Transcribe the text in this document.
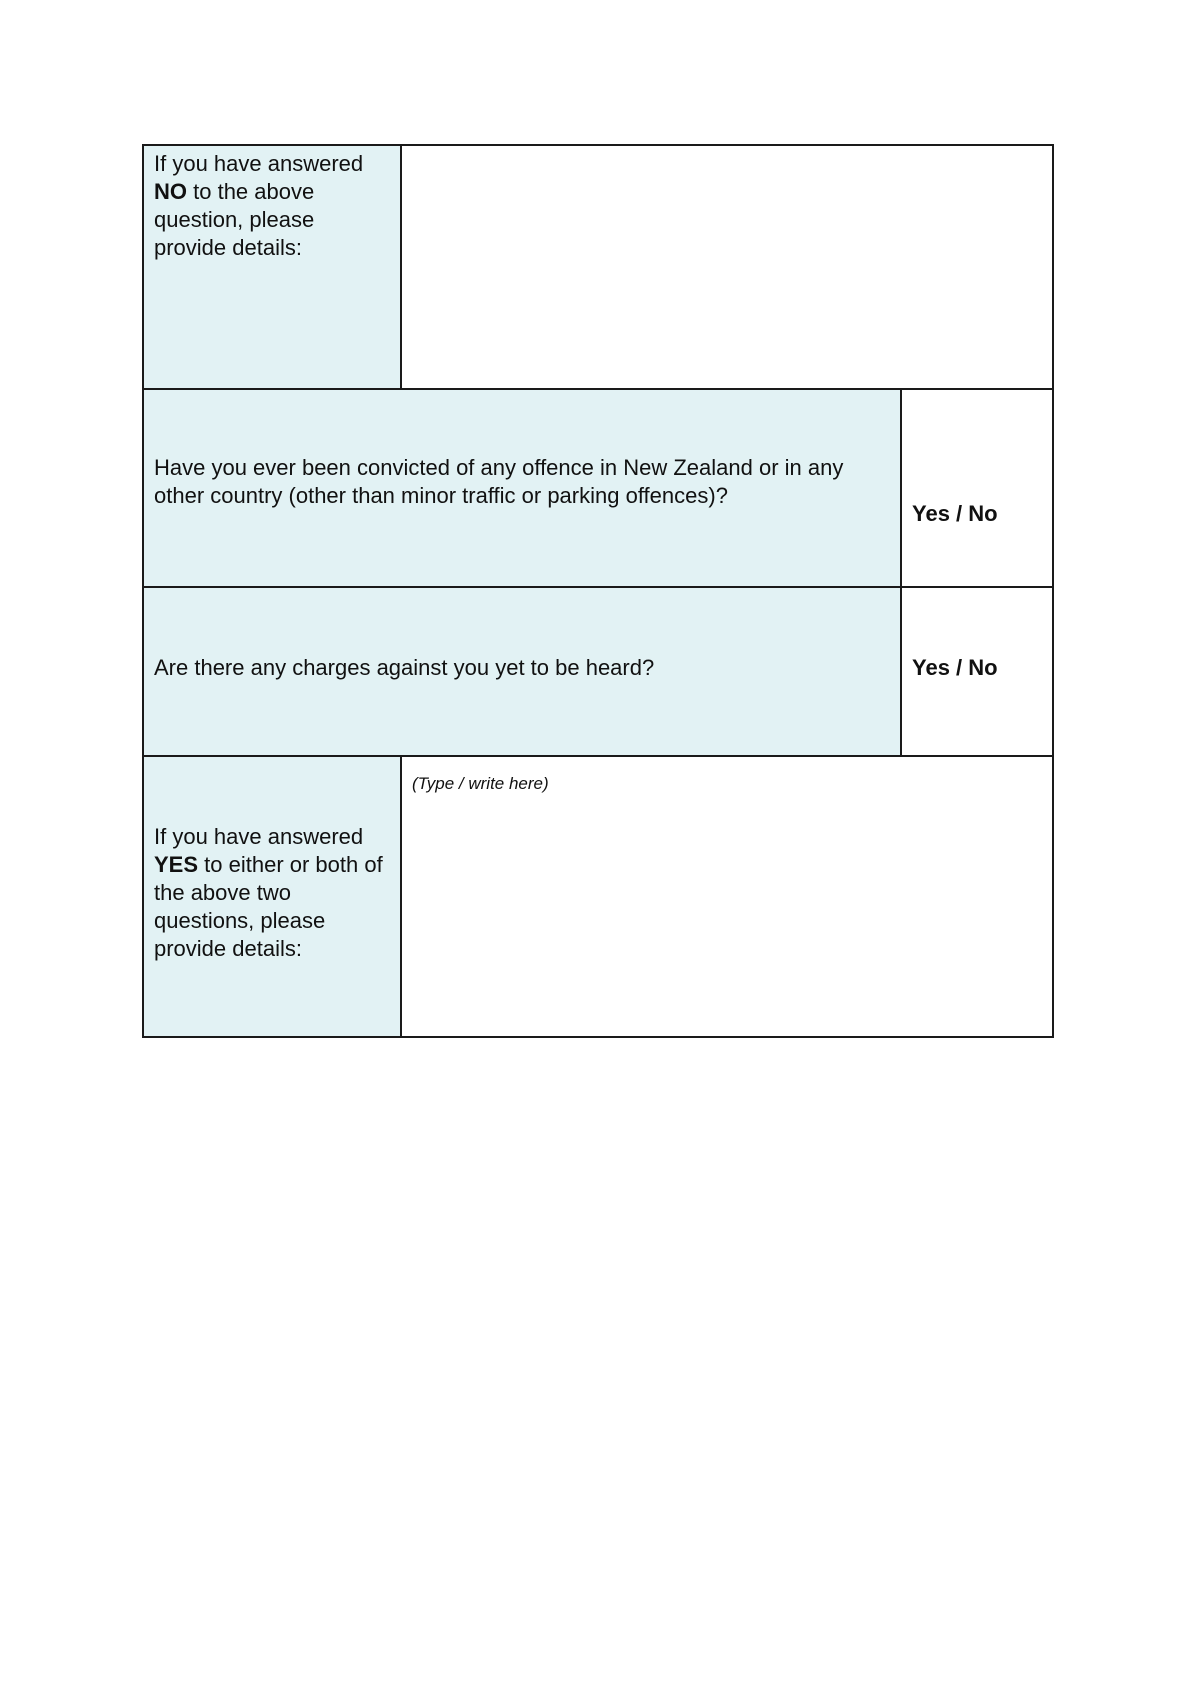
If you have answered
NO to the above
question, please
provide details:
Have you ever been convicted of any offence in New Zealand or in any
other country (other than minor traffic or parking offences)?
Yes / No
Are there any charges against you yet to be heard?	Yes / No
If you have answered
YES to either or both of
the above two
questions, please
provide details:
(Type / write here)
